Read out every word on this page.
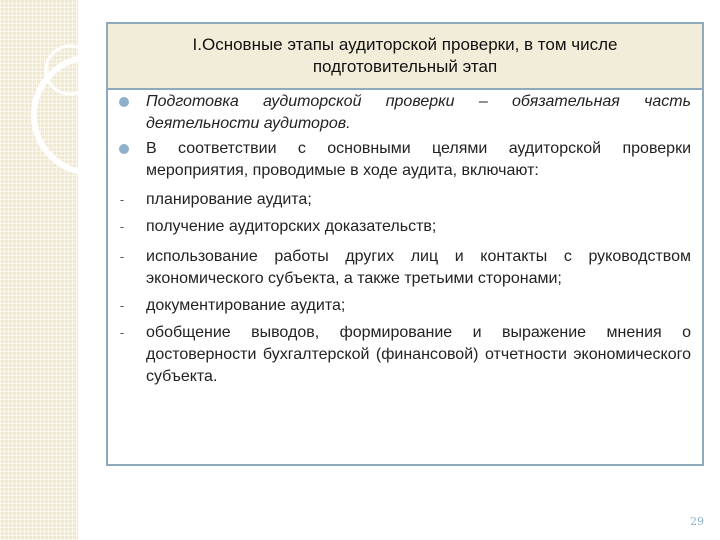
I.Основные этапы аудиторской проверки, в том числе
подготовительный этап
Подготовка аудиторской проверки – обязательная часть деятельности аудиторов.
В соответствии с основными целями аудиторской проверки мероприятия, проводимые в ходе аудита, включают:
-	планирование аудита;
-	получение аудиторских доказательств;
-	использование работы других лиц и контакты с руководством экономического субъекта, а также третьими сторонами;
-	документирование аудита;
-	обобщение выводов, формирование и выражение мнения о достоверности бухгалтерской (финансовой) отчетности экономического субъекта.
29
